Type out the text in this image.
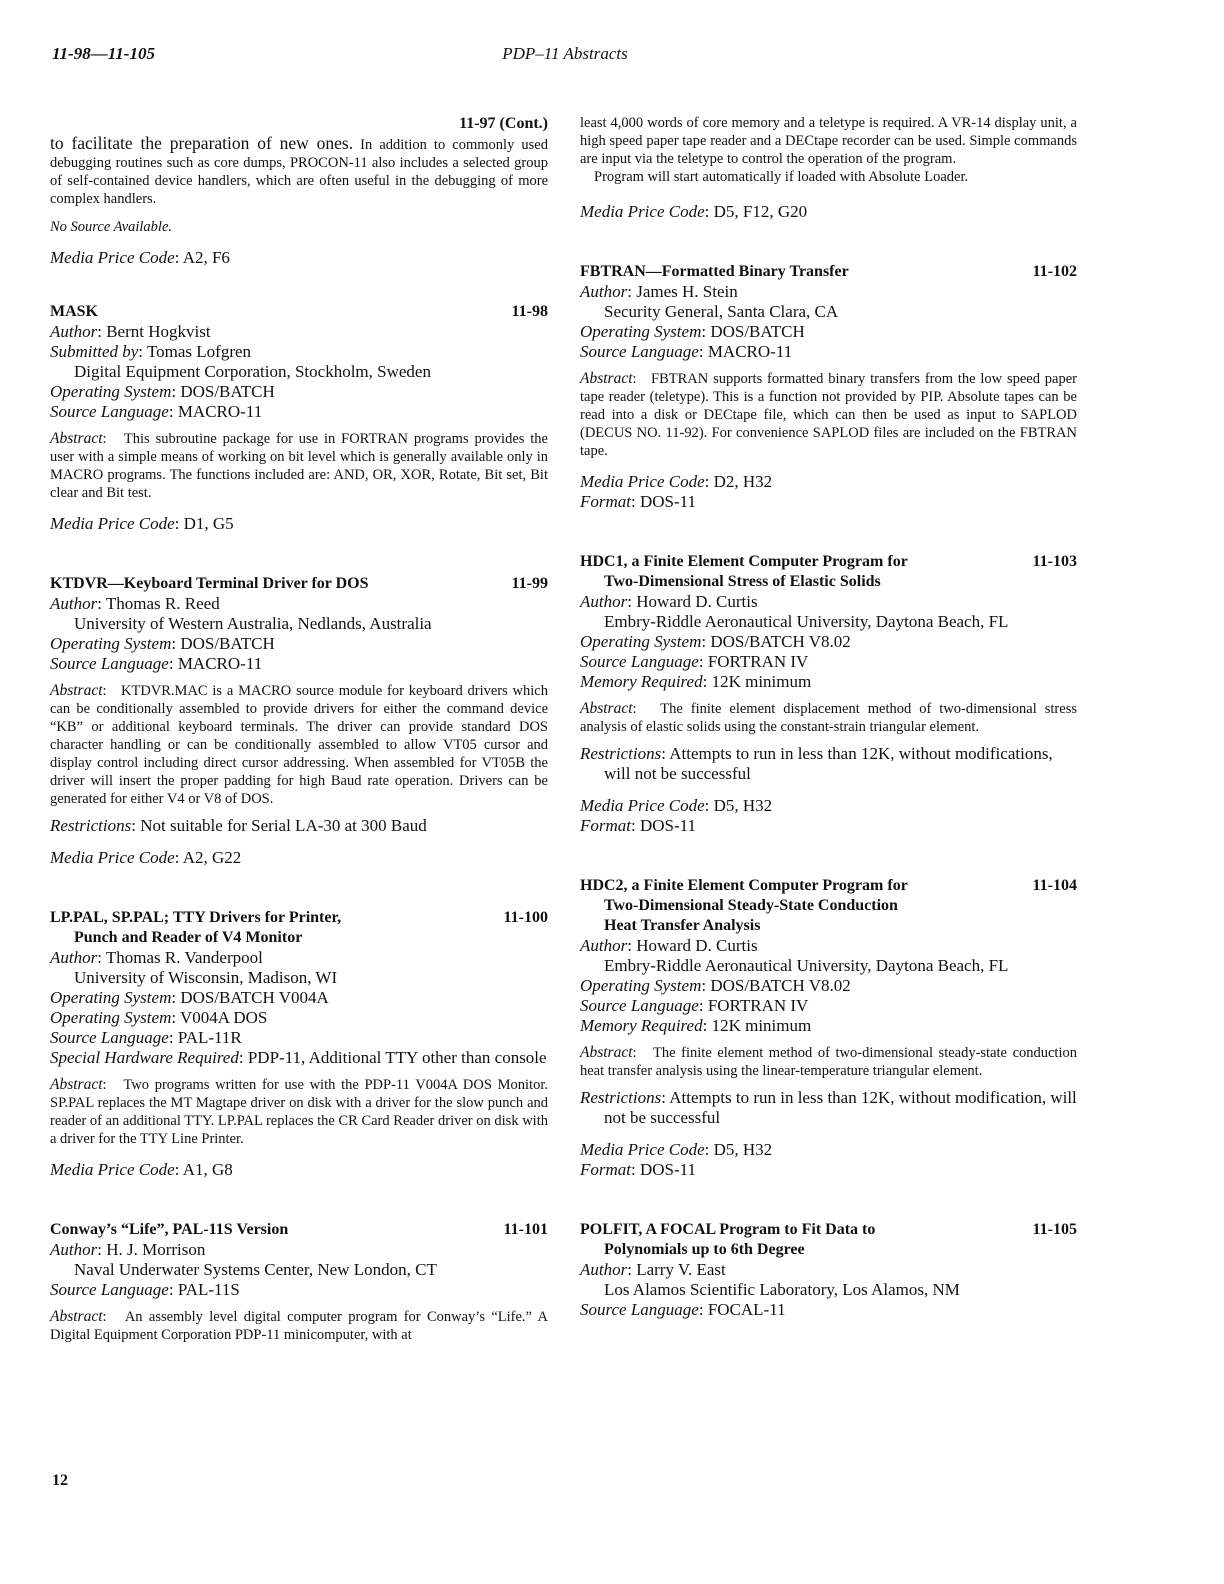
11-98—11-105	PDP–11 Abstracts
11-97 (Cont.)
to facilitate the preparation of new ones. In addition to commonly used debugging routines such as core dumps, PROCON-11 also includes a selected group of self-contained device handlers, which are often useful in the debugging of more complex handlers.
No Source Available.
Media Price Code: A2, F6
MASK	11-98
Author: Bernt Hogkvist
Submitted by: Tomas Lofgren
Digital Equipment Corporation, Stockholm, Sweden
Operating System: DOS/BATCH
Source Language: MACRO-11
Abstract:   This subroutine package for use in FORTRAN programs provides the user with a simple means of working on bit level which is generally available only in MACRO programs. The functions included are: AND, OR, XOR, Rotate, Bit set, Bit clear and Bit test.
Media Price Code: D1, G5
KTDVR—Keyboard Terminal Driver for DOS	11-99
Author: Thomas R. Reed
University of Western Australia, Nedlands, Australia
Operating System: DOS/BATCH
Source Language: MACRO-11
Abstract:   KTDVR.MAC is a MACRO source module for keyboard drivers which can be conditionally assembled to provide drivers for either the command device “KB” or additional keyboard terminals. The driver can provide standard DOS character handling or can be conditionally assembled to allow VT05 cursor and display control including direct cursor addressing. When assembled for VT05B the driver will insert the proper padding for high Baud rate operation. Drivers can be generated for either V4 or V8 of DOS.
Restrictions: Not suitable for Serial LA-30 at 300 Baud
Media Price Code: A2, G22
LP.PAL, SP.PAL; TTY Drivers for Printer,
Punch and Reader of V4 Monitor
11-100
Author: Thomas R. Vanderpool
University of Wisconsin, Madison, WI
Operating System: DOS/BATCH V004A
Operating System: V004A DOS
Source Language: PAL-11R
Special Hardware Required: PDP-11, Additional TTY other than console
Abstract:   Two programs written for use with the PDP-11 V004A DOS Monitor. SP.PAL replaces the MT Magtape driver on disk with a driver for the slow punch and reader of an additional TTY. LP.PAL replaces the CR Card Reader driver on disk with a driver for the TTY Line Printer.
Media Price Code: A1, G8
Conway’s “Life”, PAL-11S Version	11-101
Author: H. J. Morrison
Naval Underwater Systems Center, New London, CT
Source Language: PAL-11S
Abstract:   An assembly level digital computer program for Conway’s “Life.” A Digital Equipment Corporation PDP-11 minicomputer, with at
least 4,000 words of core memory and a teletype is required. A VR-14 display unit, a high speed paper tape reader and a DECtape recorder can be used. Simple commands are input via the teletype to control the operation of the program.
Program will start automatically if loaded with Absolute Loader.
Media Price Code: D5, F12, G20
FBTRAN—Formatted Binary Transfer	11-102
Author: James H. Stein
Security General, Santa Clara, CA
Operating System: DOS/BATCH
Source Language: MACRO-11
Abstract:   FBTRAN supports formatted binary transfers from the low speed paper tape reader (teletype). This is a function not provided by PIP. Absolute tapes can be read into a disk or DECtape file, which can then be used as input to SAPLOD (DECUS NO. 11-92). For convenience SAPLOD files are included on the FBTRAN tape.
Media Price Code: D2, H32
Format: DOS-11
HDC1, a Finite Element Computer Program for
Two-Dimensional Stress of Elastic Solids
11-103
Author: Howard D. Curtis
Embry-Riddle Aeronautical University, Daytona Beach, FL
Operating System: DOS/BATCH V8.02
Source Language: FORTRAN IV
Memory Required: 12K minimum
Abstract:   The finite element displacement method of two-dimensional stress analysis of elastic solids using the constant-strain triangular element.
Restrictions: Attempts to run in less than 12K, without modifications, will not be successful
Media Price Code: D5, H32
Format: DOS-11
HDC2, a Finite Element Computer Program for
Two-Dimensional Steady-State Conduction
Heat Transfer Analysis
11-104
Author: Howard D. Curtis
Embry-Riddle Aeronautical University, Daytona Beach, FL
Operating System: DOS/BATCH V8.02
Source Language: FORTRAN IV
Memory Required: 12K minimum
Abstract:   The finite element method of two-dimensional steady-state conduction heat transfer analysis using the linear-temperature triangular element.
Restrictions: Attempts to run in less than 12K, without modification, will not be successful
Media Price Code: D5, H32
Format: DOS-11
POLFIT, A FOCAL Program to Fit Data to
Polynomials up to 6th Degree
11-105
Author: Larry V. East
Los Alamos Scientific Laboratory, Los Alamos, NM
Source Language: FOCAL-11
12
